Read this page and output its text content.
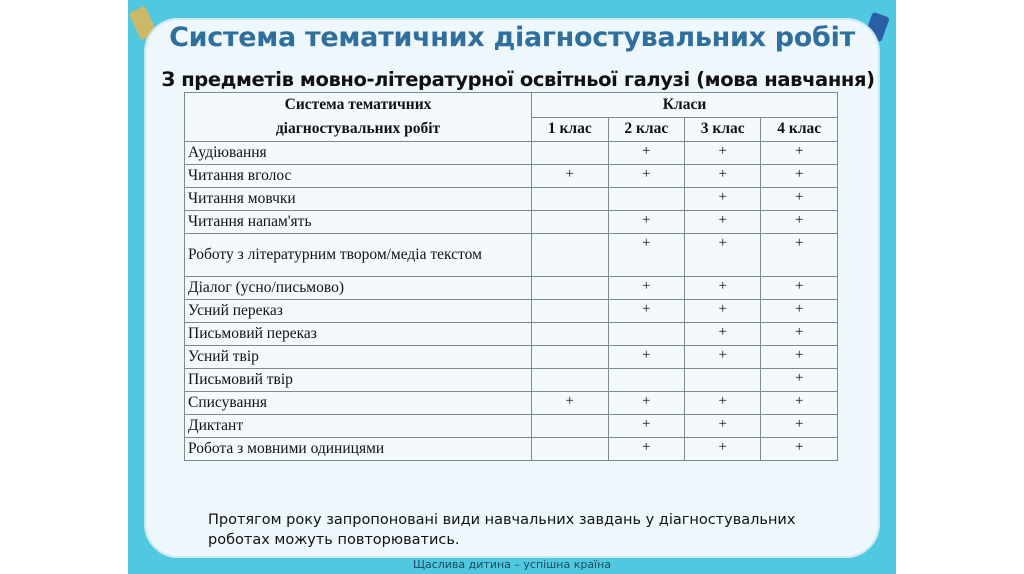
Система тематичних діагностувальних робіт
З предметів мовно-літературної освітньої галузі (мова навчання)
Система тематичних
діагностувальних робіт	Класи			
	1 клас	2 клас	3 клас	4 клас
Аудіювання		+	+	+
Читання вголос	+	+	+	+
Читання мовчки			+	+
Читання напам'ять		+	+	+
Роботу з літературним твором/медіа текстом		+	+	+
Діалог (усно/письмово)		+	+	+
Усний переказ		+	+	+
Письмовий переказ			+	+
Усний твір		+	+	+
Письмовий твір				+
Списування	+	+	+	+
Диктант		+	+	+
Робота з мовними одиницями		+	+	+
Протягом року запропоновані види навчальних завдань у діагностувальних роботах можуть повторюватись.
Щаслива дитина – успішна країна
